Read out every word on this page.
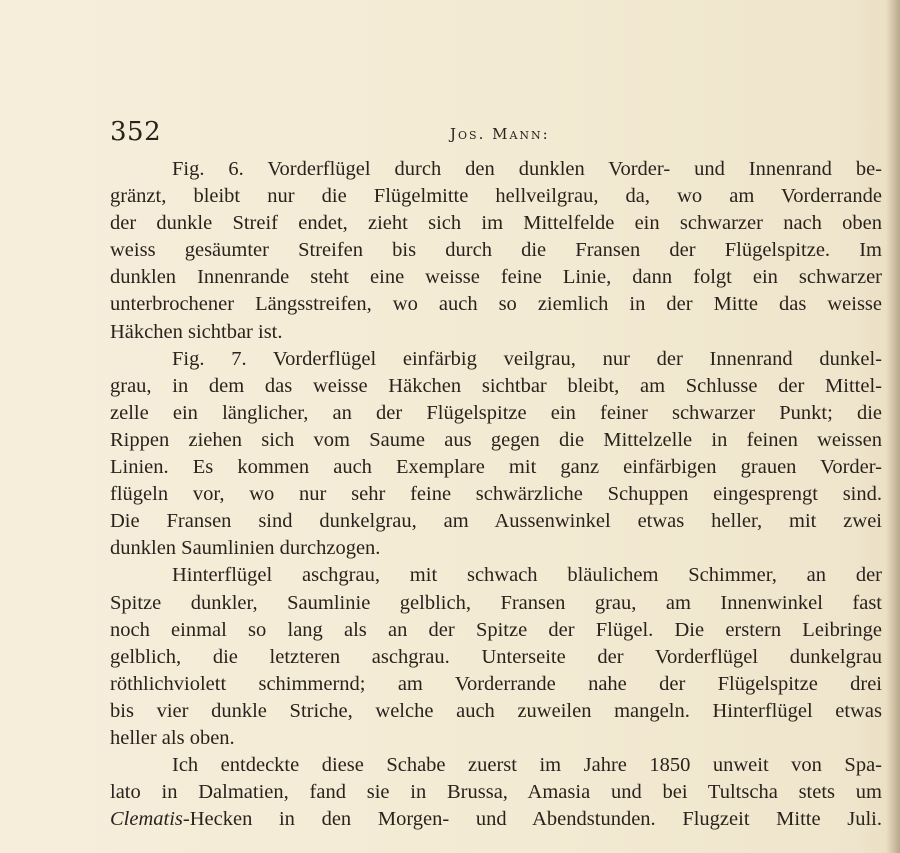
352	Jos. Mann:

Fig. 6. Vorderflügel durch den dunklen Vorder- und Innenrand be-
gränzt, bleibt nur die Flügelmitte hellveilgrau, da, wo am Vorderrande
der dunkle Streif endet, zieht sich im Mittelfelde ein schwarzer nach oben
weiss gesäumter Streifen bis durch die Fransen der Flügelspitze. Im
dunklen Innenrande steht eine weisse feine Linie, dann folgt ein schwarzer
unterbrochener Längsstreifen, wo auch so ziemlich in der Mitte das weisse
Häkchen sichtbar ist.

Fig. 7. Vorderflügel einfärbig veilgrau, nur der Innenrand dunkel-
grau, in dem das weisse Häkchen sichtbar bleibt, am Schlusse der Mittel-
zelle ein länglicher, an der Flügelspitze ein feiner schwarzer Punkt; die
Rippen ziehen sich vom Saume aus gegen die Mittelzelle in feinen weissen
Linien. Es kommen auch Exemplare mit ganz einfärbigen grauen Vorder-
flügeln vor, wo nur sehr feine schwärzliche Schuppen eingesprengt sind.
Die Fransen sind dunkelgrau, am Aussenwinkel etwas heller, mit zwei
dunklen Saumlinien durchzogen.

Hinterflügel aschgrau, mit schwach bläulichem Schimmer, an der
Spitze dunkler, Saumlinie gelblich, Fransen grau, am Innenwinkel fast
noch einmal so lang als an der Spitze der Flügel. Die erstern Leibringe
gelblich, die letzteren aschgrau. Unterseite der Vorderflügel dunkelgrau
röthlichviolett schimmernd; am Vorderrande nahe der Flügelspitze drei
bis vier dunkle Striche, welche auch zuweilen mangeln. Hinterflügel etwas
heller als oben.

Ich entdeckte diese Schabe zuerst im Jahre 1850 unweit von Spa-
lato in Dalmatien, fand sie in Brussa, Amasia und bei Tultscha stets um
Clematis-Hecken in den Morgen- und Abendstunden. Flugzeit Mitte Juli.
